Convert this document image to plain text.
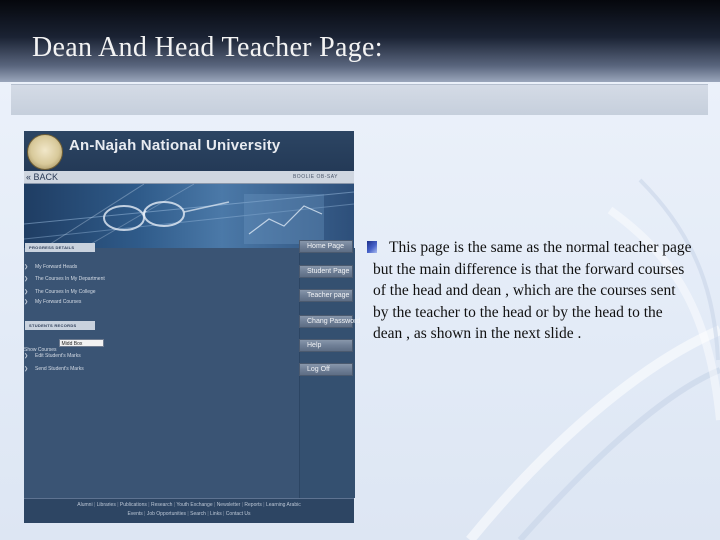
Dean And Head Teacher Page:
An-Najah National University
« BACK	BOOLIE OB-SAY
PROGRESS DETAILS
❯ My Forward Heads
❯ The Courses In My Department
❯ The Courses In My College
❯ My Forward Courses
STUDENTS RECORDS
Show CoursesMidd Box
❯ Edit Student's Marks
❯ Send Student's Marks
Home Page
Student Page
Teacher page
Chang Password
Help
Log Off
Alumni | Libraries | Publications | Research | Youth Exchange | Newsletter | Reports | Learning Arabic
Events | Job Opportunities | Search | Links | Contact Us

This page is the same as the normal teacher page but the main difference is that the forward courses of the head and dean , which are the courses sent by the teacher to the head or by the head to the dean , as shown in the next slide .
